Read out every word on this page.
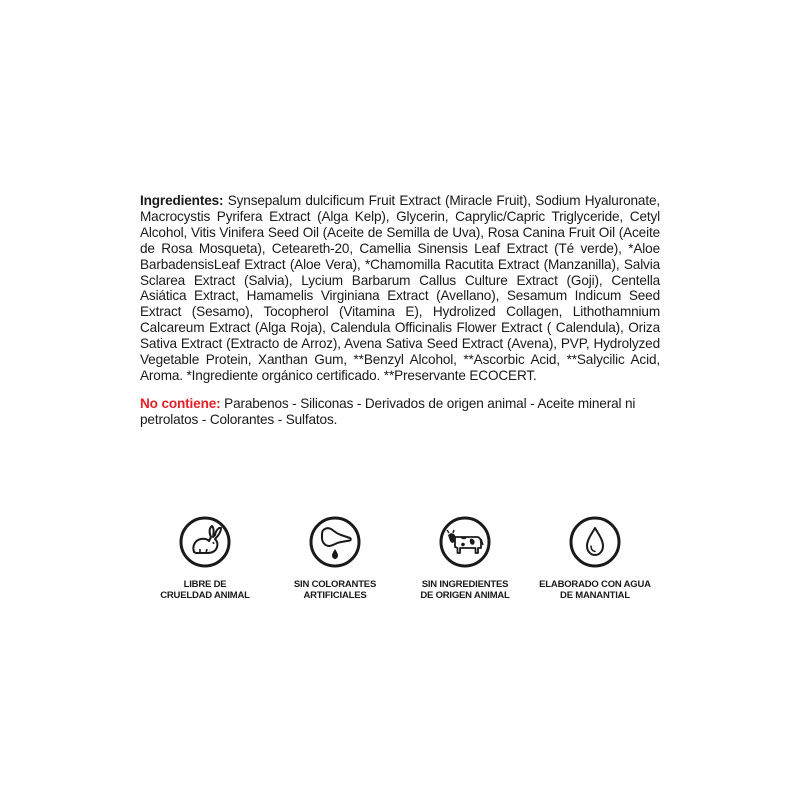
Ingredientes: Synsepalum dulcificum Fruit Extract (Miracle Fruit), Sodium Hyaluronate, Macrocystis Pyrifera Extract (Alga Kelp), Glycerin, Caprylic/Capric Triglyceride, Cetyl Alcohol, Vitis Vinifera Seed Oil (Aceite de Semilla de Uva), Rosa Canina Fruit Oil (Aceite de Rosa Mosqueta), Ceteareth-20, Camellia Sinensis Leaf Extract (Té verde), *Aloe BarbadensisLeaf Extract (Aloe Vera), *Chamomilla Racutita Extract (Manzanilla), Salvia Sclarea Extract (Salvia), Lycium Barbarum Callus Culture Extract (Goji), Centella Asiática Extract, Hamamelis Virginiana Extract (Avellano), Sesamum Indicum Seed Extract (Sesamo), Tocopherol (Vitamina E), Hydrolized Collagen, Lithothamnium Calcareum Extract (Alga Roja), Calendula Officinalis Flower Extract ( Calendula), Oriza Sativa Extract (Extracto de Arroz), Avena Sativa Seed Extract (Avena), PVP, Hydrolyzed Vegetable Protein, Xanthan Gum, **Benzyl Alcohol, **Ascorbic Acid, **Salycilic Acid, Aroma. *Ingrediente orgánico certificado. **Preservante ECOCERT.

No contiene: Parabenos - Siliconas - Derivados de origen animal - Aceite mineral ni petrolatos - Colorantes - Sulfatos.

LIBRE DE
CRUELDAD ANIMAL
SIN COLORANTES
ARTIFICIALES
SIN INGREDIENTES
DE ORIGEN ANIMAL
ELABORADO CON AGUA
DE MANANTIAL
